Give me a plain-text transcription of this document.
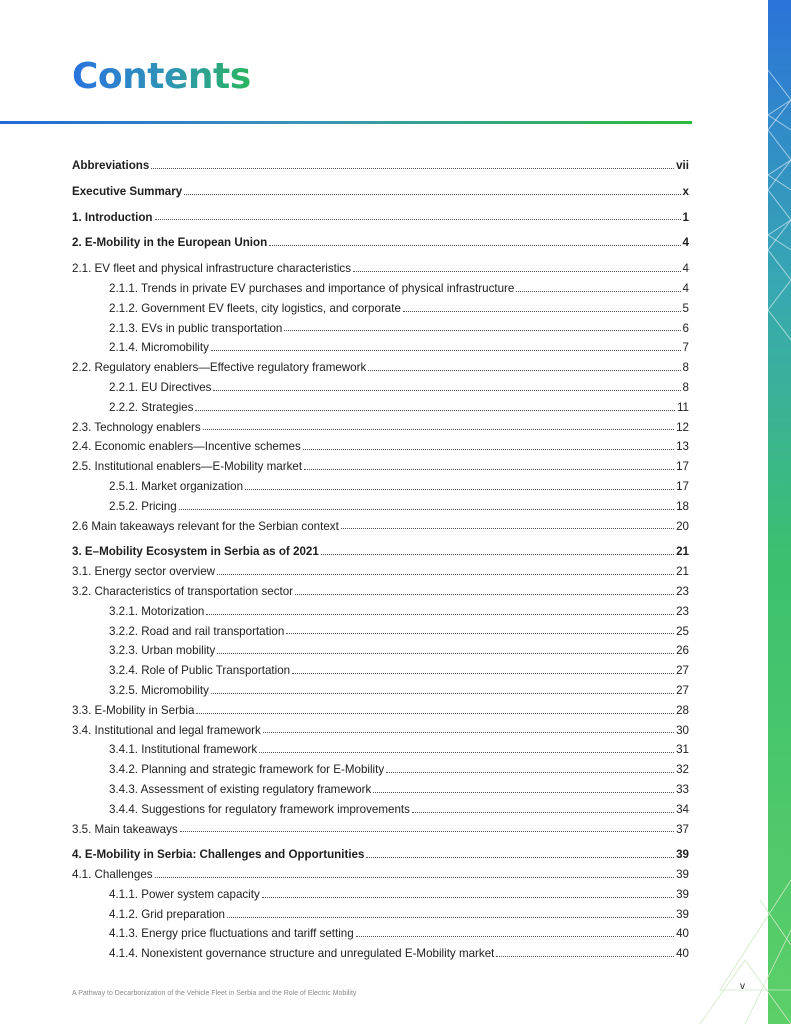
Contents
Abbreviations	vii
Executive Summary	x
1. Introduction	1
2. E-Mobility in the European Union	4
2.1. EV fleet and physical infrastructure characteristics	4
2.1.1. Trends in private EV purchases and importance of physical infrastructure	4
2.1.2. Government EV fleets, city logistics, and corporate	5
2.1.3. EVs in public transportation	6
2.1.4. Micromobility	7
2.2. Regulatory enablers—Effective regulatory framework	8
2.2.1. EU Directives	8
2.2.2. Strategies	11
2.3. Technology enablers	12
2.4. Economic enablers—Incentive schemes	13
2.5. Institutional enablers—E-Mobility market	17
2.5.1. Market organization	17
2.5.2. Pricing	18
2.6 Main takeaways relevant for the Serbian context	20
3. E–Mobility Ecosystem in Serbia as of 2021	21
3.1. Energy sector overview	21
3.2. Characteristics of transportation sector	23
3.2.1. Motorization	23
3.2.2. Road and rail transportation	25
3.2.3. Urban mobility	26
3.2.4. Role of Public Transportation	27
3.2.5. Micromobility	27
3.3. E-Mobility in Serbia	28
3.4. Institutional and legal framework	30
3.4.1. Institutional framework	31
3.4.2. Planning and strategic framework for E-Mobility	32
3.4.3. Assessment of existing regulatory framework	33
3.4.4. Suggestions for regulatory framework improvements	34
3.5. Main takeaways	37
4. E-Mobility in Serbia: Challenges and Opportunities	39
4.1. Challenges	39
4.1.1. Power system capacity	39
4.1.2. Grid preparation	39
4.1.3. Energy price fluctuations and tariff setting	40
4.1.4. Nonexistent governance structure and unregulated E-Mobility market	40
A Pathway to Decarbonization of the Vehicle Fleet in Serbia and the Role of Electric Mobility
v
